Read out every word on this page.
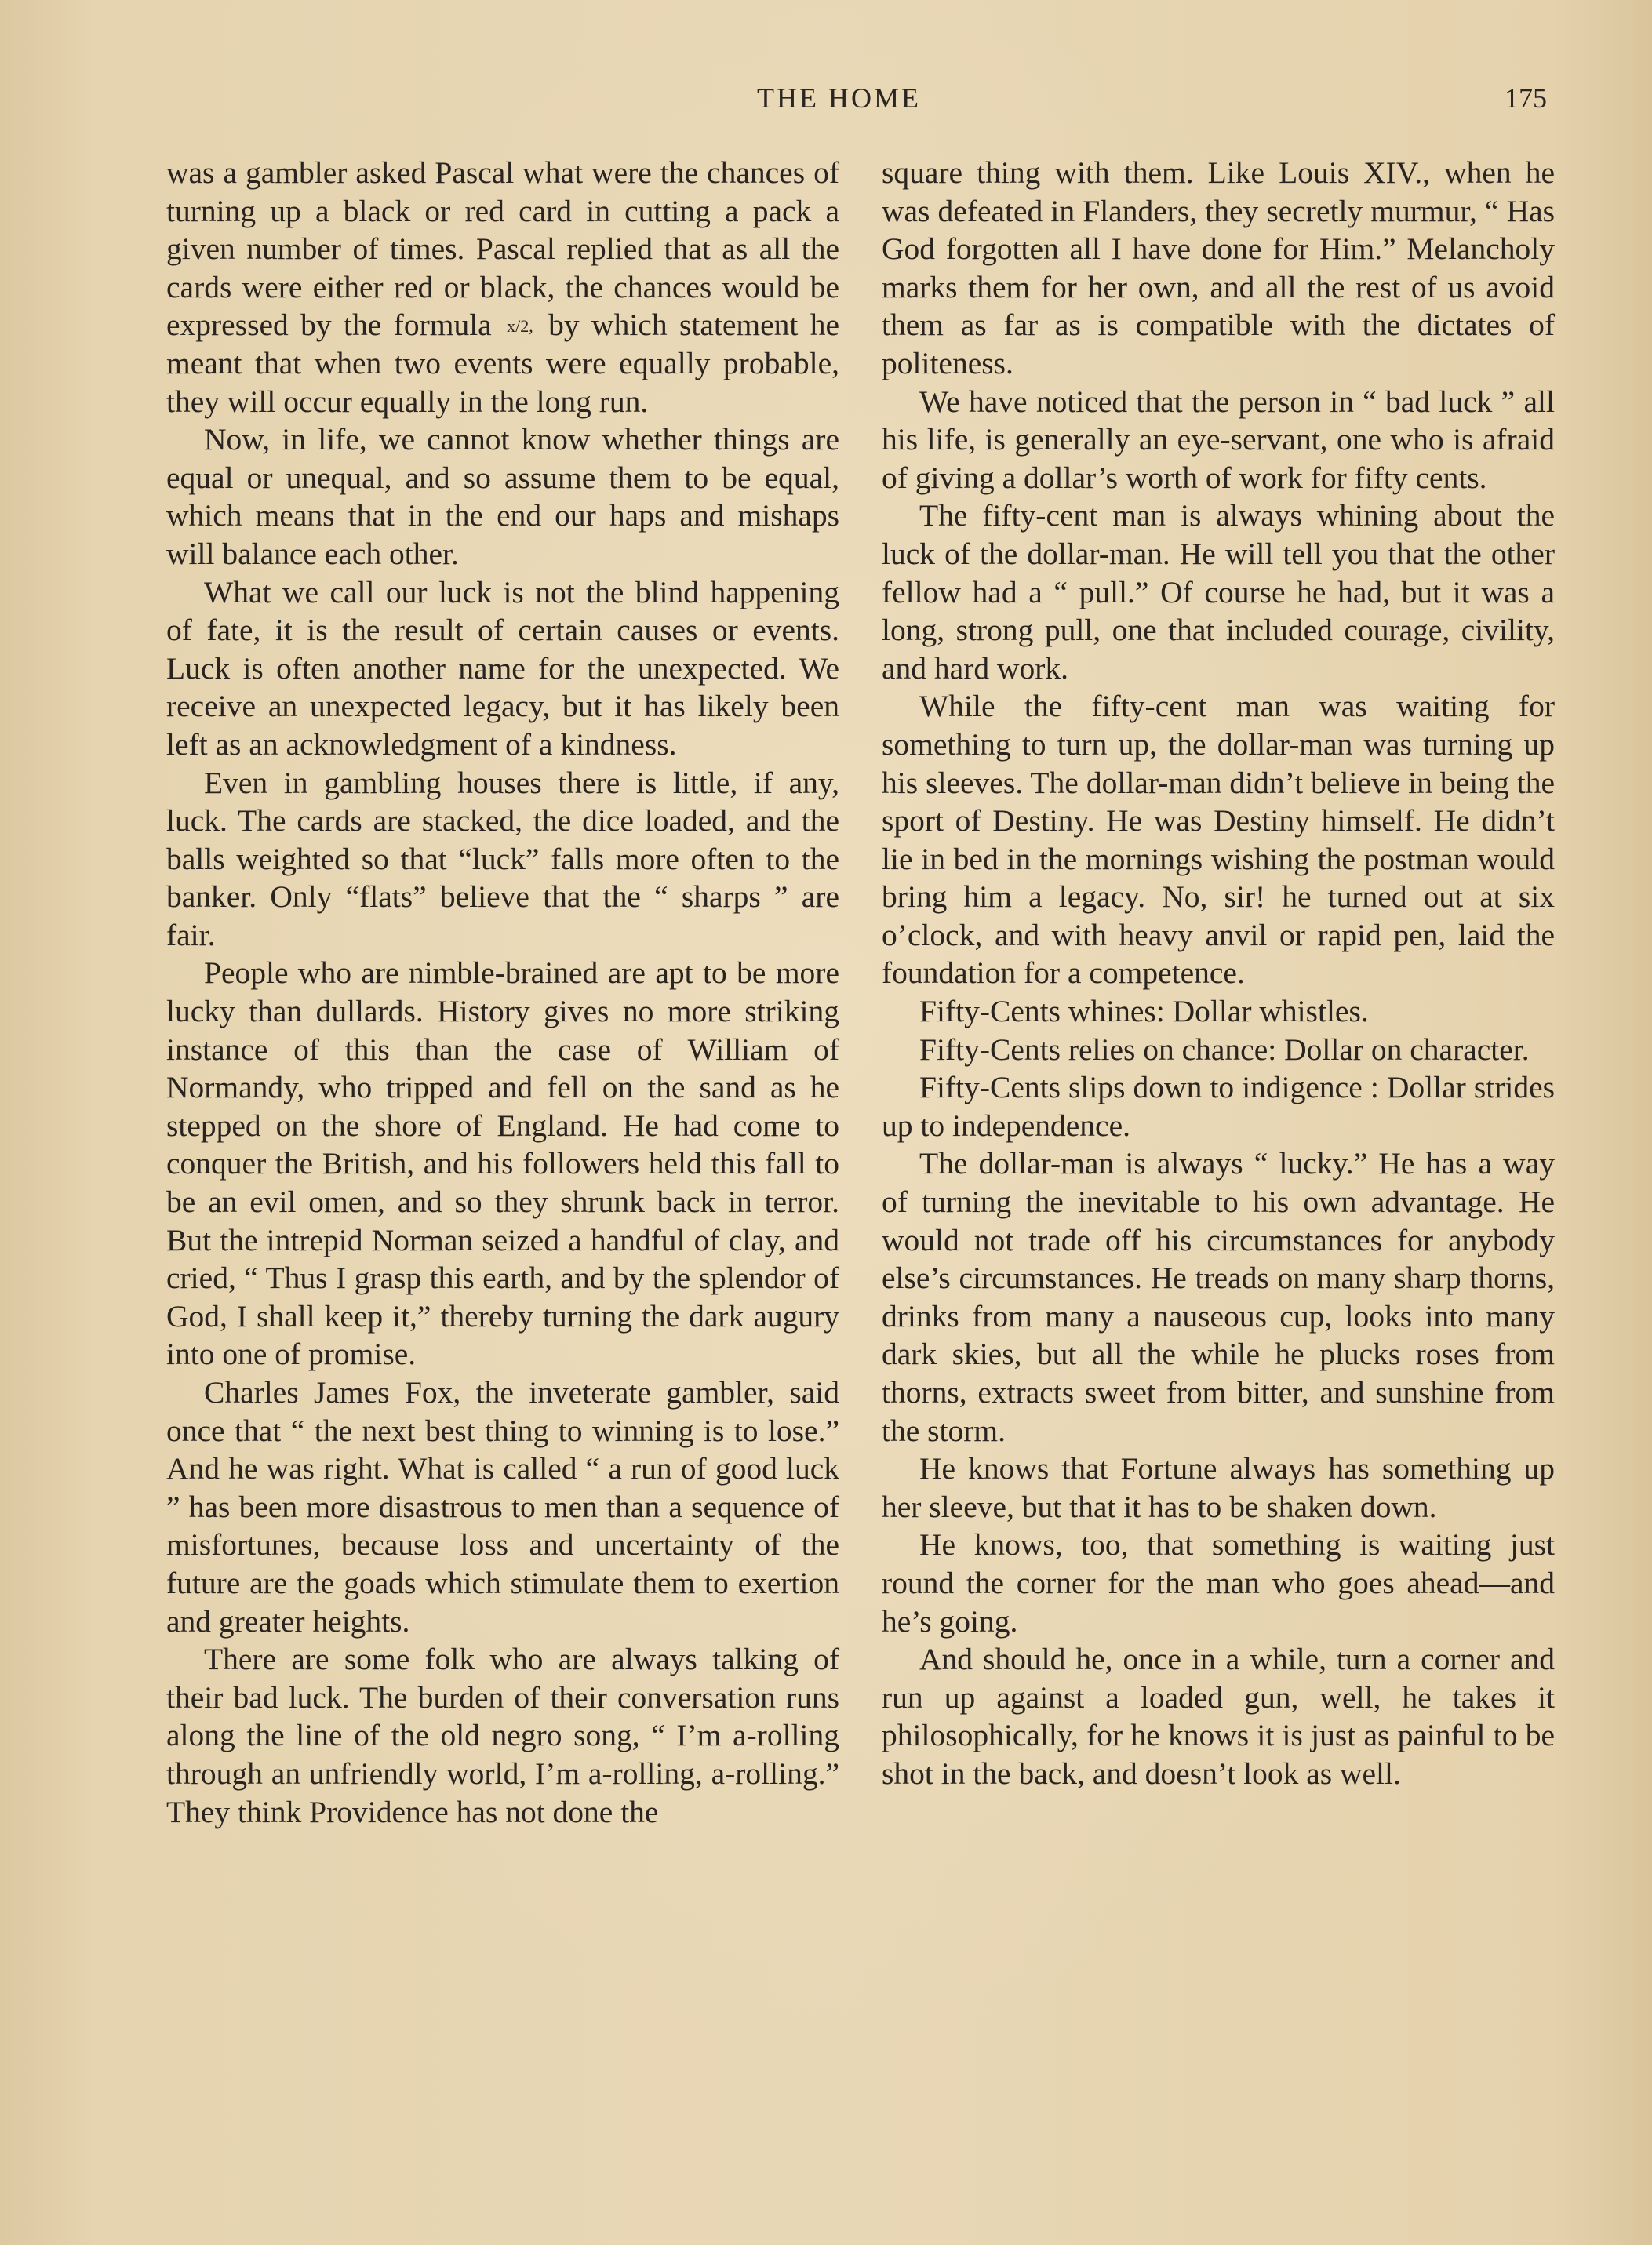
THE HOME	175

was a gambler asked Pascal what were the chances of turning up a black or red card in cutting a pack a given number of times. Pascal replied that as all the cards were either red or black, the chances would be expressed by the formula x/2, by which statement he meant that when two events were equally probable, they will occur equally in the long run.

Now, in life, we cannot know whether things are equal or unequal, and so assume them to be equal, which means that in the end our haps and mishaps will balance each other.

What we call our luck is not the blind happening of fate, it is the result of certain causes or events. Luck is often another name for the unexpected. We receive an unexpected legacy, but it has likely been left as an acknowledgment of a kindness.

Even in gambling houses there is little, if any, luck. The cards are stacked, the dice loaded, and the balls weighted so that “luck” falls more often to the banker. Only “flats” believe that the “ sharps ” are fair.

People who are nimble-brained are apt to be more lucky than dullards. History gives no more striking instance of this than the case of William of Normandy, who tripped and fell on the sand as he stepped on the shore of England. He had come to conquer the British, and his followers held this fall to be an evil omen, and so they shrunk back in terror. But the intrepid Norman seized a handful of clay, and cried, “ Thus I grasp this earth, and by the splendor of God, I shall keep it,” thereby turning the dark augury into one of promise.

Charles James Fox, the inveterate gambler, said once that “ the next best thing to winning is to lose.” And he was right. What is called “ a run of good luck ” has been more disastrous to men than a sequence of misfortunes, because loss and uncertainty of the future are the goads which stimulate them to exertion and greater heights.

There are some folk who are always talking of their bad luck. The burden of their conversation runs along the line of the old negro song, “ I’m a-rolling through an unfriendly world, I’m a-rolling, a-rolling.” They think Providence has not done the

square thing with them. Like Louis XIV., when he was defeated in Flanders, they secretly murmur, “ Has God forgotten all I have done for Him.” Melancholy marks them for her own, and all the rest of us avoid them as far as is compatible with the dictates of politeness.

We have noticed that the person in “ bad luck ” all his life, is generally an eye-servant, one who is afraid of giving a dollar’s worth of work for fifty cents.

The fifty-cent man is always whining about the luck of the dollar-man. He will tell you that the other fellow had a “ pull.” Of course he had, but it was a long, strong pull, one that included courage, civility, and hard work.

While the fifty-cent man was waiting for something to turn up, the dollar-man was turning up his sleeves. The dollar-man didn’t believe in being the sport of Destiny. He was Destiny himself. He didn’t lie in bed in the mornings wishing the postman would bring him a legacy. No, sir! he turned out at six o’clock, and with heavy anvil or rapid pen, laid the foundation for a competence.

Fifty-Cents whines: Dollar whistles.

Fifty-Cents relies on chance: Dollar on character.

Fifty-Cents slips down to indigence : Dollar strides up to independence.

The dollar-man is always “ lucky.” He has a way of turning the inevitable to his own advantage. He would not trade off his circumstances for anybody else’s circumstances. He treads on many sharp thorns, drinks from many a nauseous cup, looks into many dark skies, but all the while he plucks roses from thorns, extracts sweet from bitter, and sunshine from the storm.

He knows that Fortune always has something up her sleeve, but that it has to be shaken down.

He knows, too, that something is waiting just round the corner for the man who goes ahead—and he’s going.

And should he, once in a while, turn a corner and run up against a loaded gun, well, he takes it philosophically, for he knows it is just as painful to be shot in the back, and doesn’t look as well.
